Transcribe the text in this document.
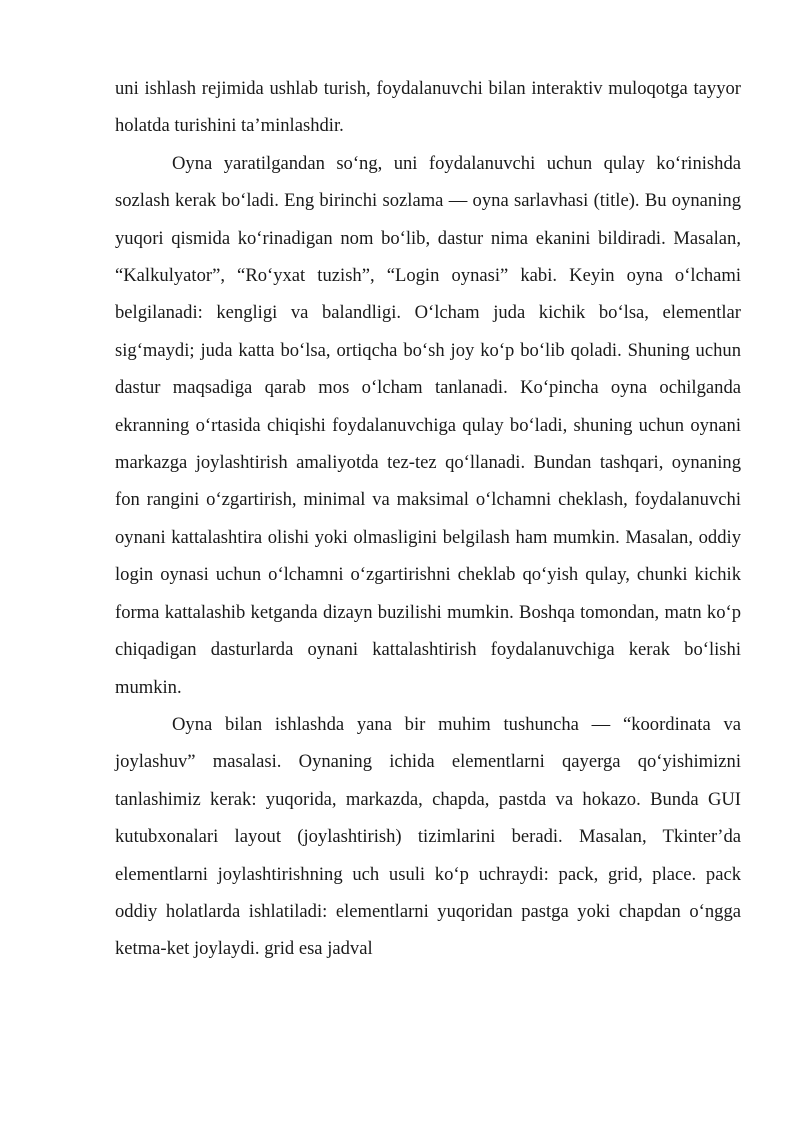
uni ishlash rejimida ushlab turish, foydalanuvchi bilan interaktiv muloqotga tayyor holatda turishini taʼminlashdir.

Oyna yaratilgandan soʻng, uni foydalanuvchi uchun qulay koʻrinishda sozlash kerak boʻladi. Eng birinchi sozlama — oyna sarlavhasi (title). Bu oynaning yuqori qismida koʻrinadigan nom boʻlib, dastur nima ekanini bildiradi. Masalan, “Kalkulyator”, “Roʻyxat tuzish”, “Login oynasi” kabi. Keyin oyna oʻlchami belgilanadi: kengligi va balandligi. Oʻlcham juda kichik boʻlsa, elementlar sigʻmaydi; juda katta boʻlsa, ortiqcha boʻsh joy koʻp boʻlib qoladi. Shuning uchun dastur maqsadiga qarab mos oʻlcham tanlanadi. Koʻpincha oyna ochilganda ekranning oʻrtasida chiqishi foydalanuvchiga qulay boʻladi, shuning uchun oynani markazga joylashtirish amaliyotda tez-tez qoʻllanadi. Bundan tashqari, oynaning fon rangini oʻzgartirish, minimal va maksimal oʻlchamni cheklash, foydalanuvchi oynani kattalashtira olishi yoki olmasligini belgilash ham mumkin. Masalan, oddiy login oynasi uchun oʻlchamni oʻzgartirishni cheklab qoʻyish qulay, chunki kichik forma kattalashib ketganda dizayn buzilishi mumkin. Boshqa tomondan, matn koʻp chiqadigan dasturlarda oynani kattalashtirish foydalanuvchiga kerak boʻlishi mumkin.

Oyna bilan ishlashda yana bir muhim tushuncha — “koordinata va joylashuv” masalasi. Oynaning ichida elementlarni qayerga qoʻyishimizni tanlashimiz kerak: yuqorida, markazda, chapda, pastda va hokazo. Bunda GUI kutubxonalari layout (joylashtirish) tizimlarini beradi. Masalan, Tkinterʼda elementlarni joylashtirishning uch usuli koʻp uchraydi: pack, grid, place. pack oddiy holatlarda ishlatiladi: elementlarni yuqoridan pastga yoki chapdan oʻngga ketma-ket joylaydi. grid esa jadval
